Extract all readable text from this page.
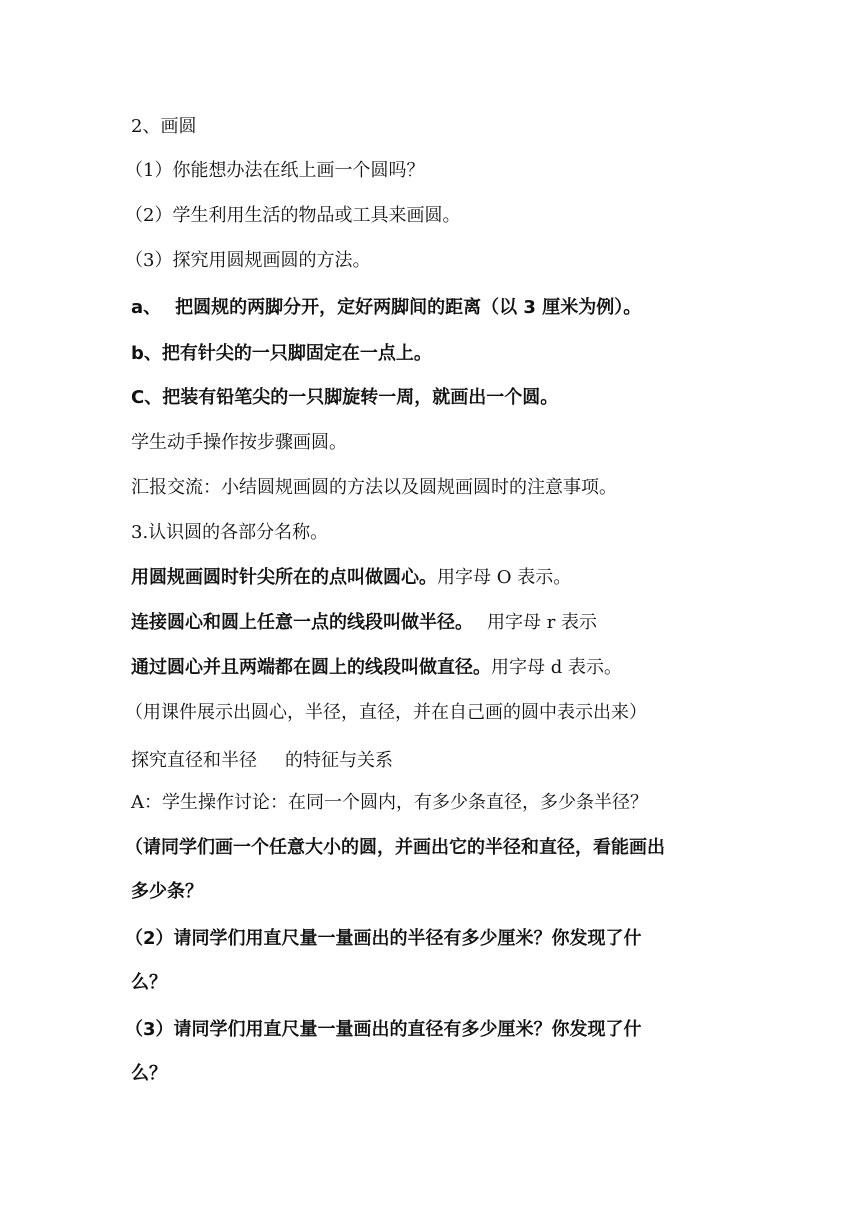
2、画圆
（1）你能想办法在纸上画一个圆吗？
（2）学生利用生活的物品或工具来画圆。
（3）探究用圆规画圆的方法。
a、 把圆规的两脚分开，定好两脚间的距离（以 3 厘米为例）。
b、把有针尖的一只脚固定在一点上。
C、把装有铅笔尖的一只脚旋转一周，就画出一个圆。
学生动手操作按步骤画圆。
汇报交流：小结圆规画圆的方法以及圆规画圆时的注意事项。
3.认识圆的各部分名称。
用圆规画圆时针尖所在的点叫做圆心。用字母 O 表示。
连接圆心和圆上任意一点的线段叫做半径。 用字母 r 表示
通过圆心并且两端都在圆上的线段叫做直径。用字母 d 表示。
（用课件展示出圆心，半径，直径，并在自己画的圆中表示出来）
探究直径和半径 的特征与关系
A：学生操作讨论：在同一个圆内，有多少条直径，多少条半径？
（请同学们画一个任意大小的圆，并画出它的半径和直径，看能画出
多少条？
（2）请同学们用直尺量一量画出的半径有多少厘米？你发现了什
么？
（3）请同学们用直尺量一量画出的直径有多少厘米？你发现了什
么？
